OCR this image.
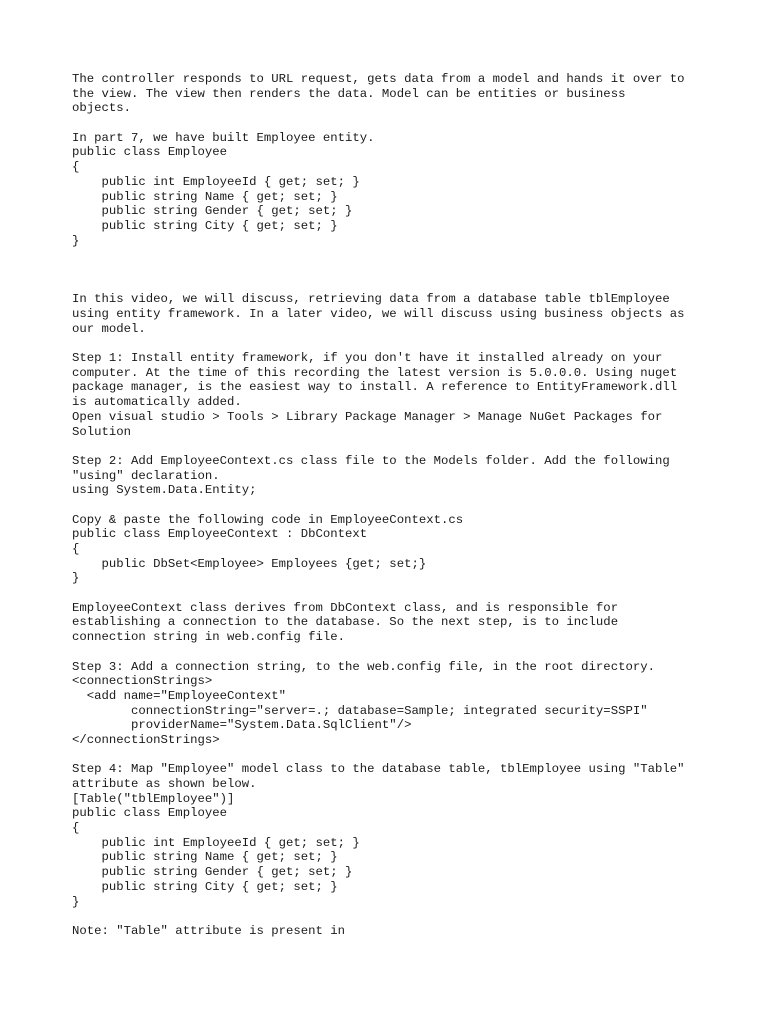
The controller responds to URL request, gets data from a model and hands it over to
the view. The view then renders the data. Model can be entities or business
objects.
In part 7, we have built Employee entity.
public class Employee
{
public int EmployeeId { get; set; }
public string Name { get; set; }
public string Gender { get; set; }
public string City { get; set; }
}
In this video, we will discuss, retrieving data from a database table tblEmployee
using entity framework. In a later video, we will discuss using business objects as
our model.
Step 1: Install entity framework, if you don't have it installed already on your
computer. At the time of this recording the latest version is 5.0.0.0. Using nuget
package manager, is the easiest way to install. A reference to EntityFramework.dll
is automatically added.
Open visual studio > Tools > Library Package Manager > Manage NuGet Packages for
Solution
Step 2: Add EmployeeContext.cs class file to the Models folder. Add the following
"using" declaration.
using System.Data.Entity;
Copy & paste the following code in EmployeeContext.cs
public class EmployeeContext : DbContext
{
public DbSet<Employee> Employees {get; set;}
}
EmployeeContext class derives from DbContext class, and is responsible for
establishing a connection to the database. So the next step, is to include
connection string in web.config file.
Step 3: Add a connection string, to the web.config file, in the root directory.
<connectionStrings>
<add name="EmployeeContext"
connectionString="server=.; database=Sample; integrated security=SSPI"
providerName="System.Data.SqlClient"/>
</connectionStrings>
Step 4: Map "Employee" model class to the database table, tblEmployee using "Table"
attribute as shown below.
[Table("tblEmployee")]
public class Employee
{
public int EmployeeId { get; set; }
public string Name { get; set; }
public string Gender { get; set; }
public string City { get; set; }
}
Note: "Table" attribute is present in
